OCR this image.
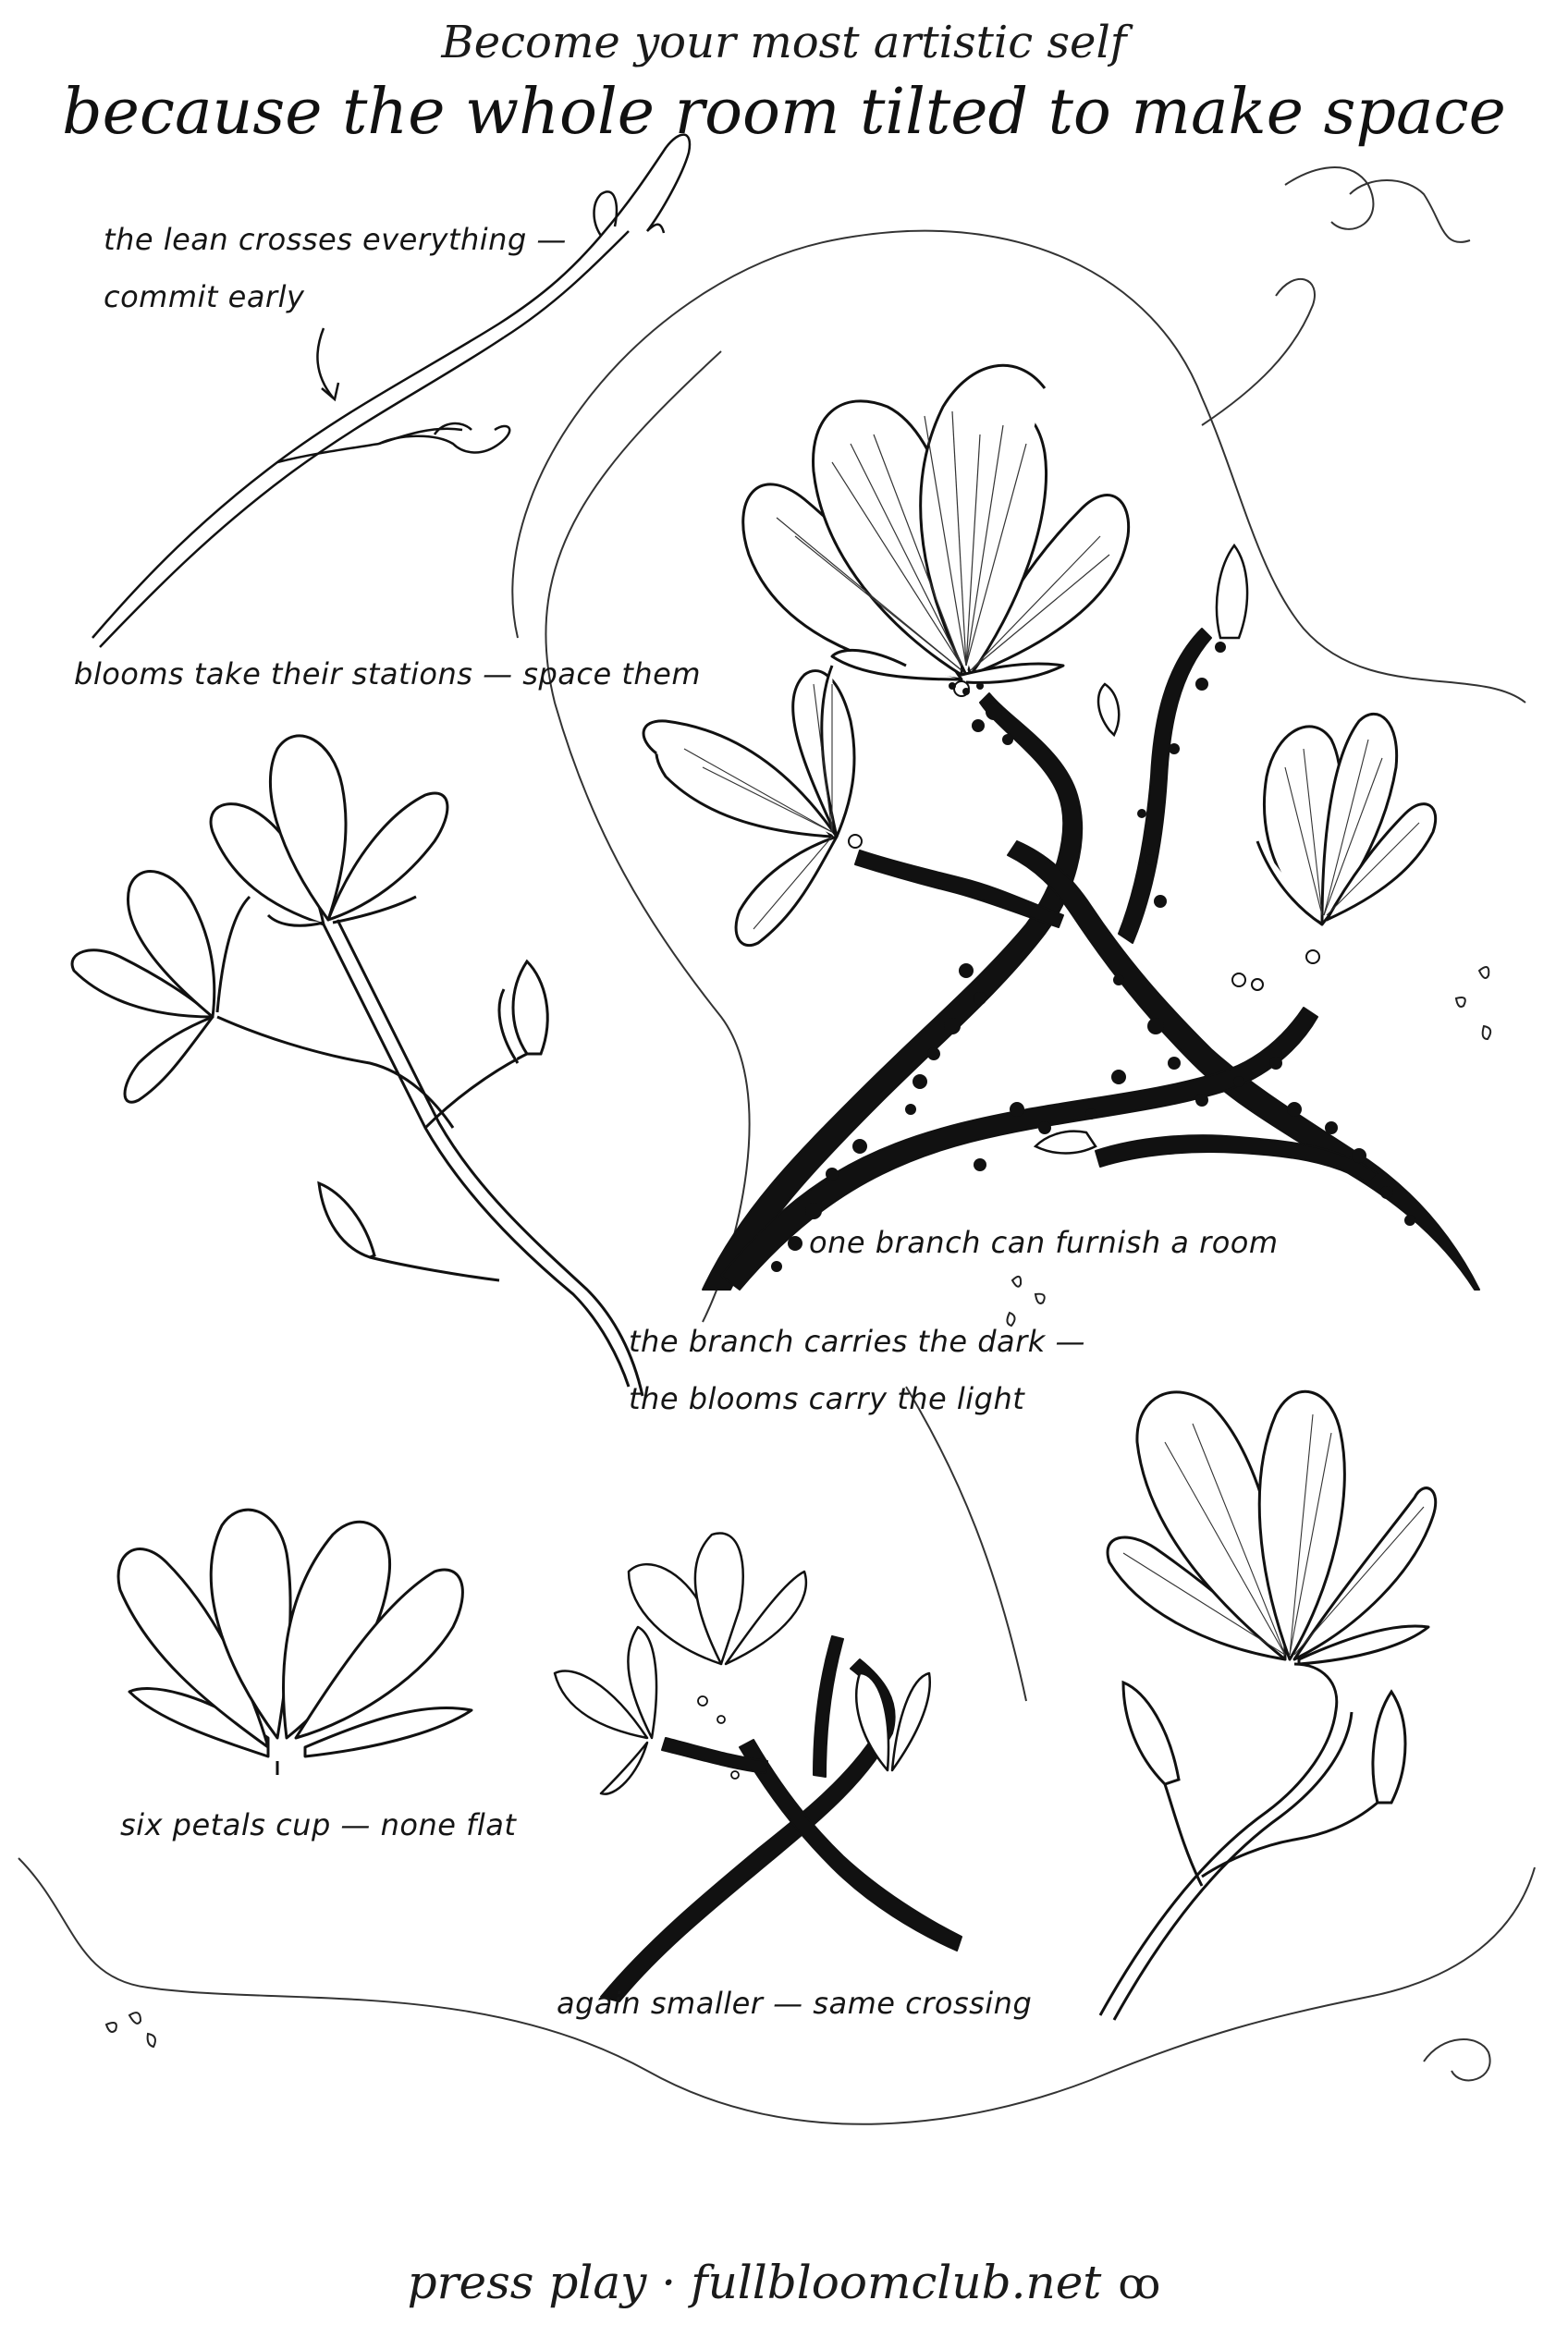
Become your most artistic self
because the whole room tilted to make space
the lean crosses everything —
commit early
blooms take their stations — space them
one branch can furnish a room
the branch carries the dark —
the blooms carry the light
six petals cup — none flat
again smaller — same crossing
press play · fullbloomclub.net ꝏ
